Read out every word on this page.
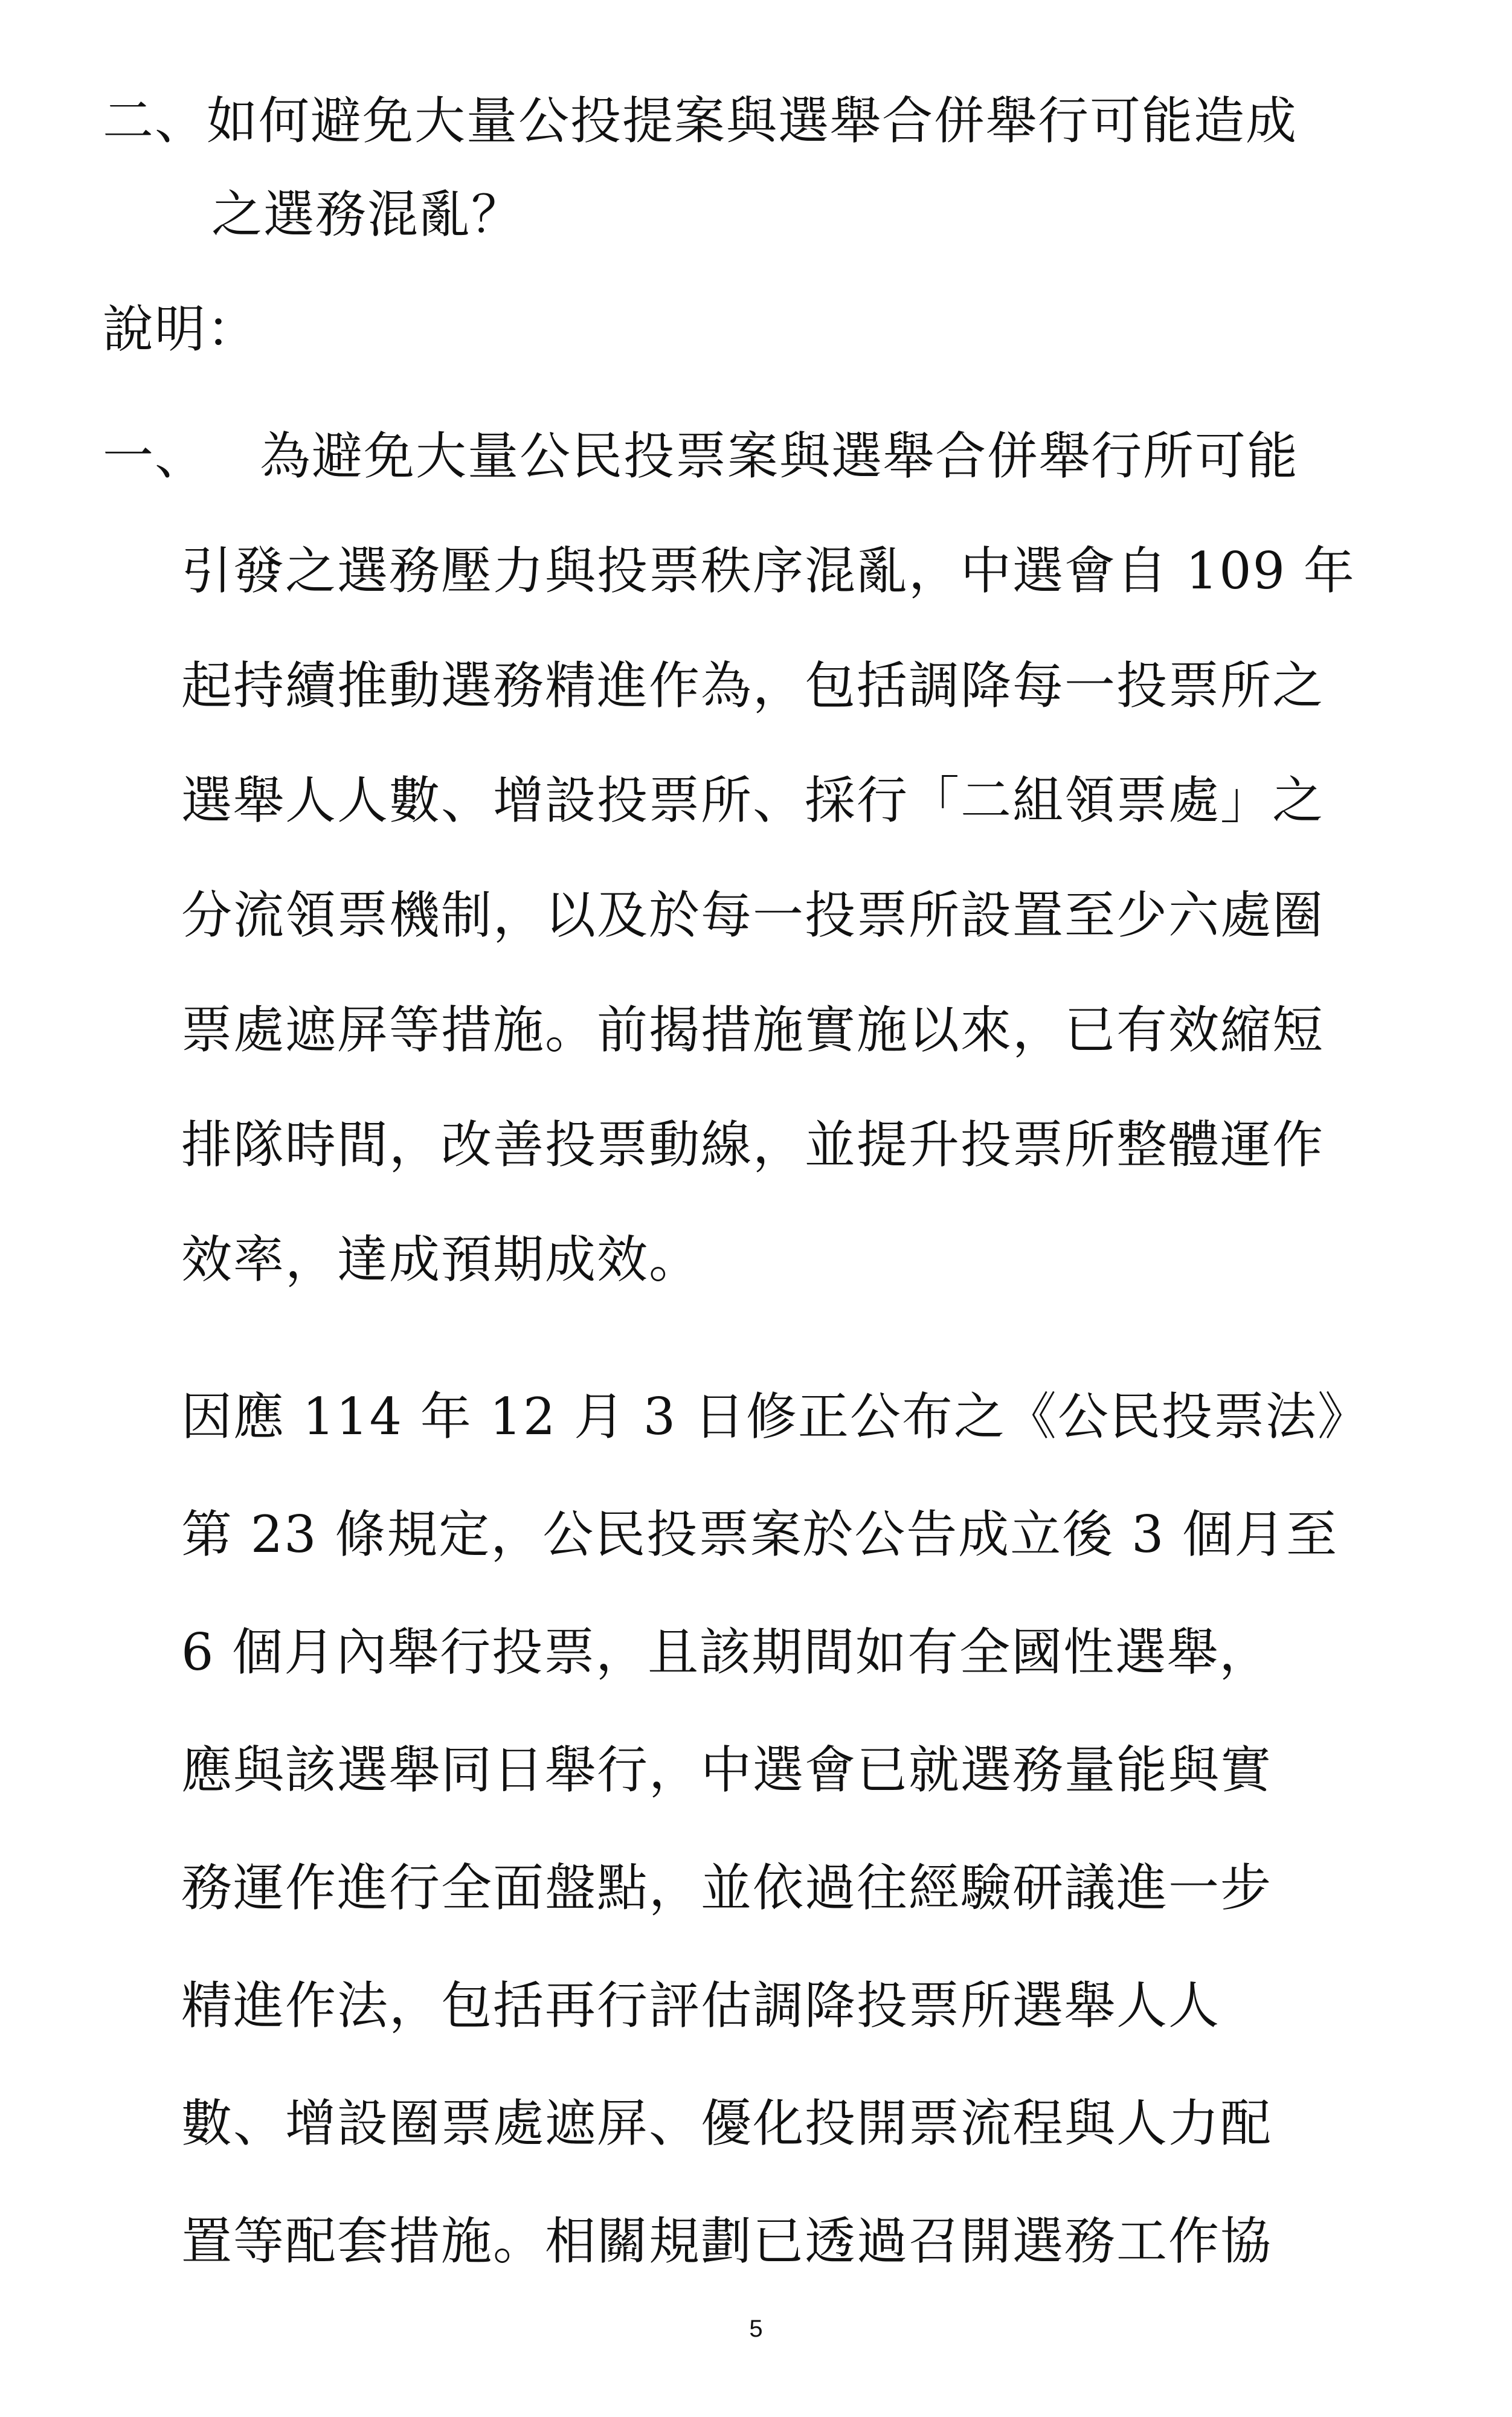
二、如何避免大量公投提案與選舉合併舉行可能造成
之選務混亂？
說明：
一、 為避免大量公民投票案與選舉合併舉行所可能
引發之選務壓力與投票秩序混亂，中選會自 109 年
起持續推動選務精進作為，包括調降每一投票所之
選舉人人數、增設投票所、採行「二組領票處」之
分流領票機制，以及於每一投票所設置至少六處圈
票處遮屏等措施。前揭措施實施以來，已有效縮短
排隊時間，改善投票動線，並提升投票所整體運作
效率，達成預期成效。
因應 114 年 12 月 3 日修正公布之《公民投票法》
第 23 條規定，公民投票案於公告成立後 3 個月至
6 個月內舉行投票，且該期間如有全國性選舉，
應與該選舉同日舉行，中選會已就選務量能與實
務運作進行全面盤點，並依過往經驗研議進一步
精進作法，包括再行評估調降投票所選舉人人
數、增設圈票處遮屏、優化投開票流程與人力配
置等配套措施。相關規劃已透過召開選務工作協
5
